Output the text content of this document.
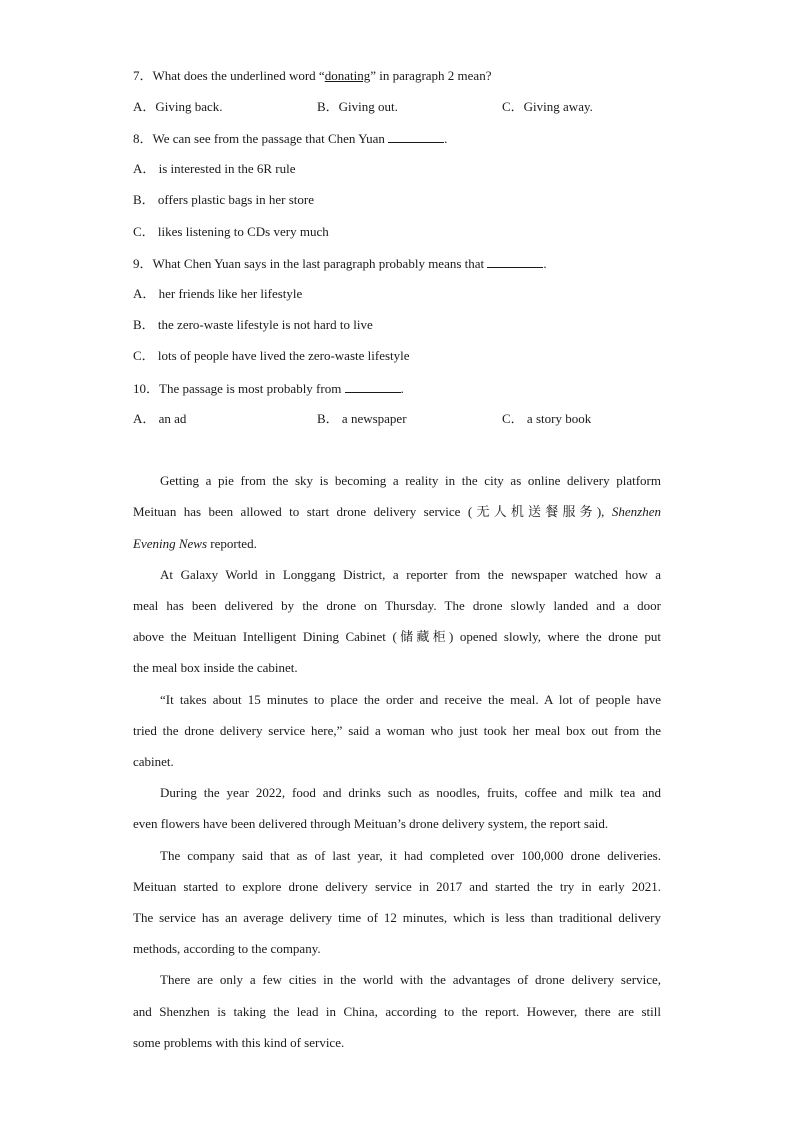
7．What does the underlined word “donating” in paragraph 2 mean?
A．Giving back.	B．Giving out.	C．Giving away.
8．We can see from the passage that Chen Yuan	.
A． is interested in the 6R rule
B． offers plastic bags in her store
C． likes listening to CDs very much
9．What Chen Yuan says in the last paragraph probably means that	.
A． her friends like her lifestyle
B． the zero-waste lifestyle is not hard to live
C． lots of people have lived the zero-waste lifestyle
10．The passage is most probably from	.
A． an ad	B． a newspaper	C． a story book
Getting a pie from the sky is becoming a reality in the city as online delivery platform
Meituan has been allowed to start drone delivery service (无人机送餐服务), Shenzhen
Evening News reported.
At Galaxy World in Longgang District, a reporter from the newspaper watched how a
meal has been delivered by the drone on Thursday. The drone slowly landed and a door
above the Meituan Intelligent Dining Cabinet (储藏柜) opened slowly, where the drone put
the meal box inside the cabinet.
“It takes about 15 minutes to place the order and receive the meal. A lot of people have
tried the drone delivery service here,” said a woman who just took her meal box out from the
cabinet.
During the year 2022, food and drinks such as noodles, fruits, coffee and milk tea and
even flowers have been delivered through Meituan’s drone delivery system, the report said.
The company said that as of last year, it had completed over 100,000 drone deliveries.
Meituan started to explore drone delivery service in 2017 and started the try in early 2021.
The service has an average delivery time of 12 minutes, which is less than traditional delivery
methods, according to the company.
There are only a few cities in the world with the advantages of drone delivery service,
and Shenzhen is taking the lead in China, according to the report. However, there are still
some problems with this kind of service.
